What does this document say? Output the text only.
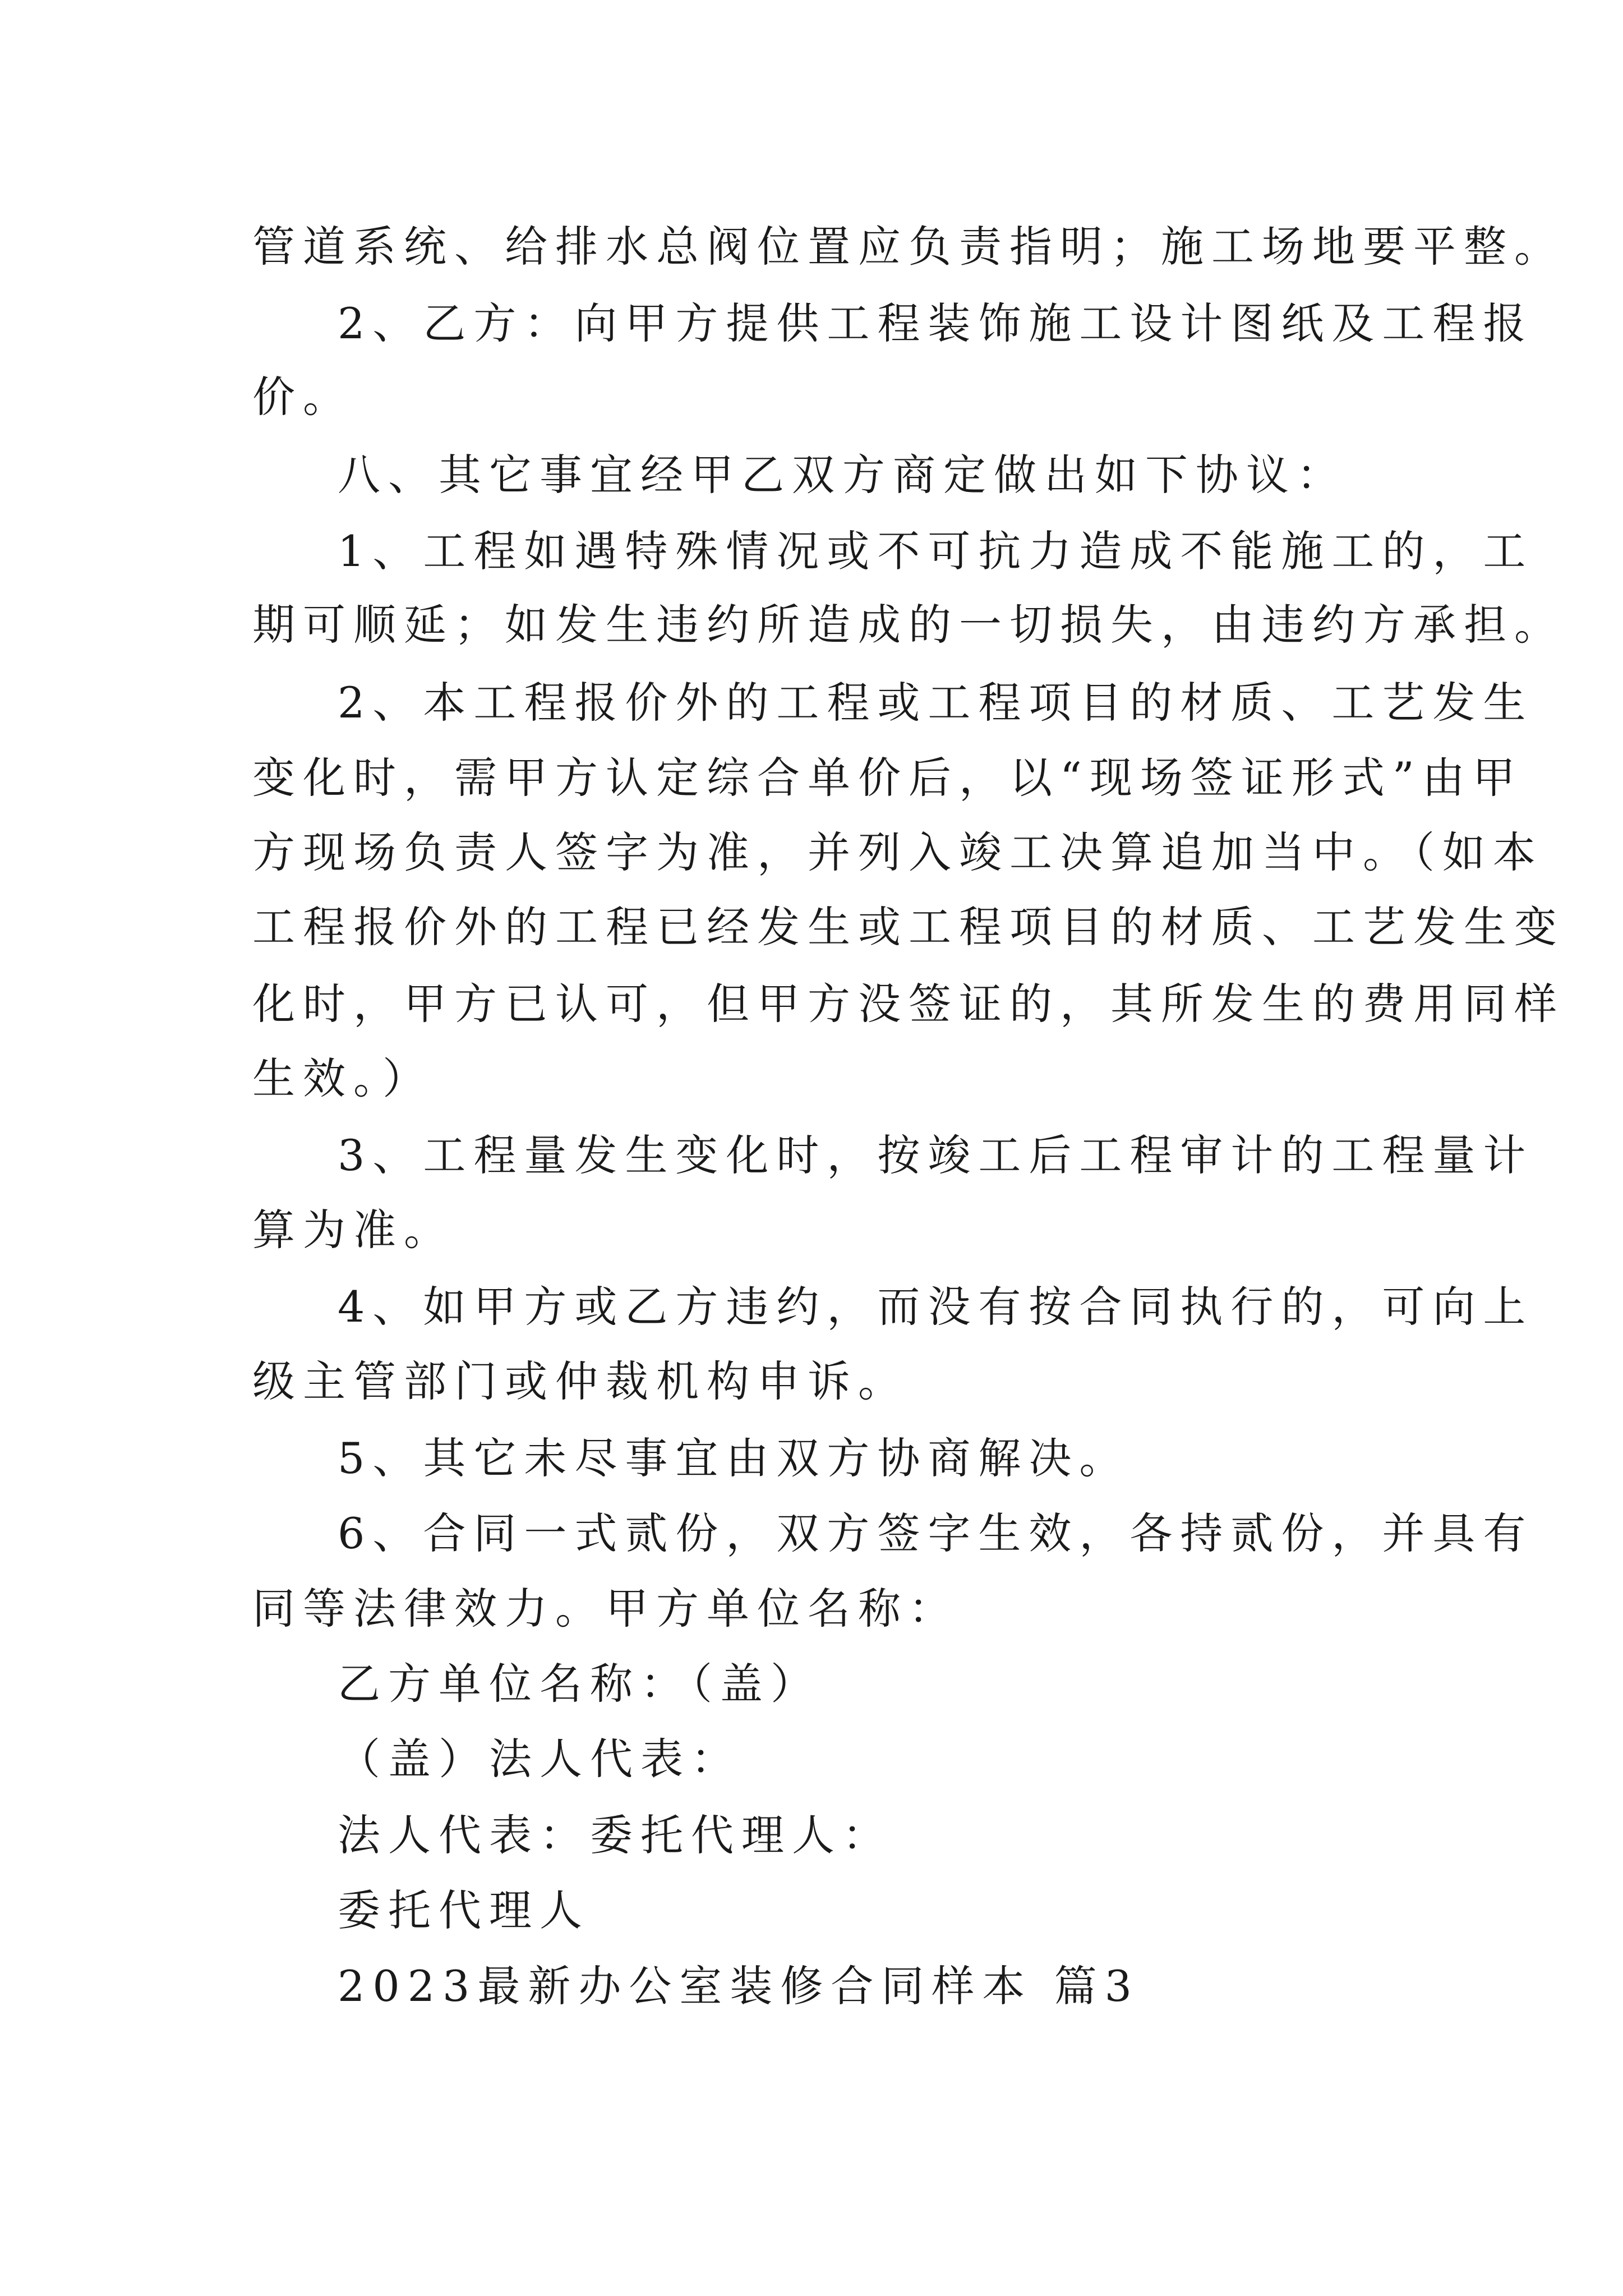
管道系统、给排水总阀位置应负责指明；施工场地要平整。
2、乙方：向甲方提供工程装饰施工设计图纸及工程报
价。
八、其它事宜经甲乙双方商定做出如下协议：
1、工程如遇特殊情况或不可抗力造成不能施工的，工
期可顺延；如发生违约所造成的一切损失，由违约方承担。
2、本工程报价外的工程或工程项目的材质、工艺发生
变化时，需甲方认定综合单价后，以“现场签证形式”由甲
方现场负责人签字为准，并列入竣工决算追加当中。（如本
工程报价外的工程已经发生或工程项目的材质、工艺发生变
化时，甲方已认可，但甲方没签证的，其所发生的费用同样
生效。）
3、工程量发生变化时，按竣工后工程审计的工程量计
算为准。
4、如甲方或乙方违约，而没有按合同执行的，可向上
级主管部门或仲裁机构申诉。
5、其它未尽事宜由双方协商解决。
6、合同一式贰份，双方签字生效，各持贰份，并具有
同等法律效力。甲方单位名称：
乙方单位名称：（盖）
（盖）法人代表：
法人代表：委托代理人：
委托代理人
2023最新办公室装修合同样本 篇3
